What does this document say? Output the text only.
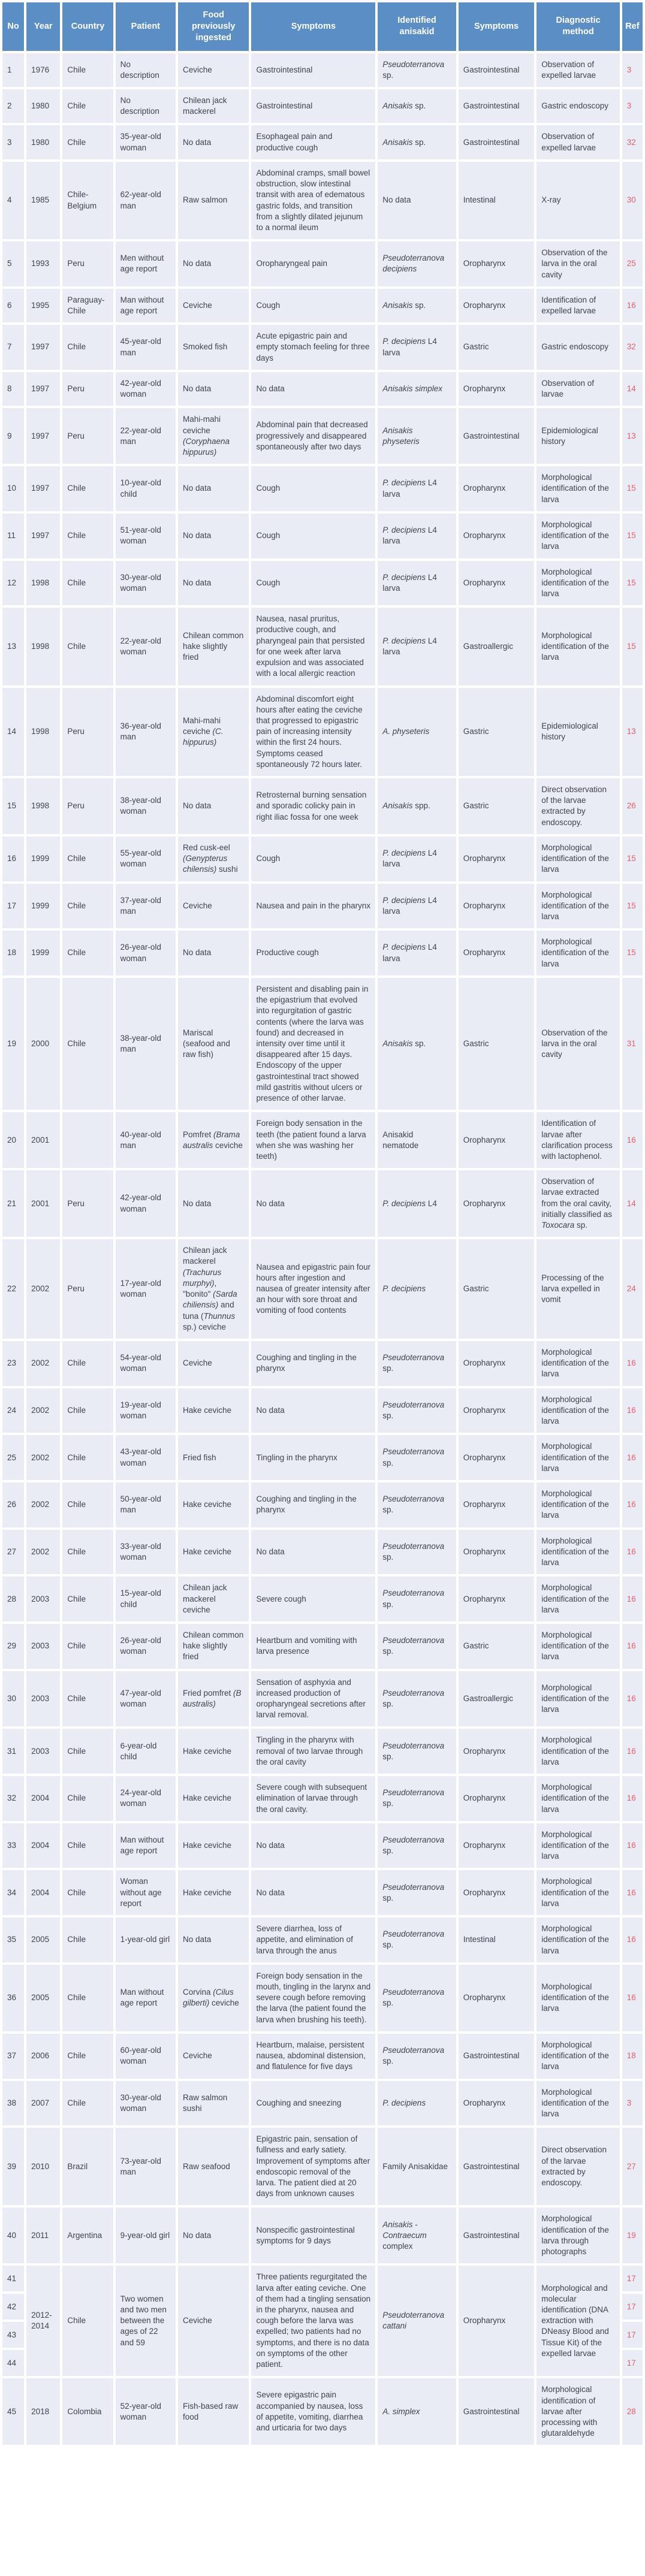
No	Year	Country	Patient	Food previously ingested	Symptoms	Identified anisakid	Symptoms	Diagnostic method	Ref
1	1976	Chile	No description	Ceviche	Gastrointestinal	Pseudoterranova sp.	Gastrointestinal	Observation of expelled larvae	3
2	1980	Chile	No description	Chilean jack mackerel	Gastrointestinal	Anisakis sp.	Gastrointestinal	Gastric endoscopy	3
3	1980	Chile	35-year-old woman	No data	Esophageal pain and productive cough	Anisakis sp.	Gastrointestinal	Observation of expelled larvae	32
4	1985	Chile-Belgium	62-year-old man	Raw salmon	Abdominal cramps, small bowel obstruction, slow intestinal transit with area of edematous gastric folds, and transition from a slightly dilated jejunum to a normal ileum	No data	Intestinal	X-ray	30
5	1993	Peru	Men without age report	No data	Oropharyngeal pain	Pseudoterranova decipiens	Oropharynx	Observation of the larva in the oral cavity	25
6	1995	Paraguay-Chile	Man without age report	Ceviche	Cough	Anisakis sp.	Oropharynx	Identification of expelled larvae	16
7	1997	Chile	45-year-old man	Smoked fish	Acute epigastric pain and empty stomach feeling for three days	P. decipiens L4 larva	Gastric	Gastric endoscopy	32
8	1997	Peru	42-year-old woman	No data	No data	Anisakis simplex	Oropharynx	Observation of larvae	14
9	1997	Peru	22-year-old man	Mahi-mahi ceviche (Coryphaena hippurus)	Abdominal pain that decreased progressively and disappeared spontaneously after two days	Anisakis physeteris	Gastrointestinal	Epidemiological history	13
10	1997	Chile	10-year-old child	No data	Cough	P. decipiens L4 larva	Oropharynx	Morphological identification of the larva	15
11	1997	Chile	51-year-old woman	No data	Cough	P. decipiens L4 larva	Oropharynx	Morphological identification of the larva	15
12	1998	Chile	30-year-old woman	No data	Cough	P. decipiens L4 larva	Oropharynx	Morphological identification of the larva	15
13	1998	Chile	22-year-old woman	Chilean common hake slightly fried	Nausea, nasal pruritus, productive cough, and pharyngeal pain that persisted for one week after larva expulsion and was associated with a local allergic reaction	P. decipiens L4 larva	Gastroallergic	Morphological identification of the larva	15
14	1998	Peru	36-year-old man	Mahi-mahi ceviche (C. hippurus)	Abdominal discomfort eight hours after eating the ceviche that progressed to epigastric pain of increasing intensity within the first 24 hours. Symptoms ceased spontaneously 72 hours later.	A. physeteris	Gastric	Epidemiological history	13
15	1998	Peru	38-year-old woman	No data	Retrosternal burning sensation and sporadic colicky pain in right iliac fossa for one week	Anisakis spp.	Gastric	Direct observation of the larvae extracted by endoscopy.	26
16	1999	Chile	55-year-old woman	Red cusk-eel (Genypterus chilensis) sushi	Cough	P. decipiens L4 larva	Oropharynx	Morphological identification of the larva	15
17	1999	Chile	37-year-old man	Ceviche	Nausea and pain in the pharynx	P. decipiens L4 larva	Oropharynx	Morphological identification of the larva	15
18	1999	Chile	26-year-old woman	No data	Productive cough	P. decipiens L4 larva	Oropharynx	Morphological identification of the larva	15
19	2000	Chile	38-year-old man	Mariscal (seafood and raw fish)	Persistent and disabling pain in the epigastrium that evolved into regurgitation of gastric contents (where the larva was found) and decreased in intensity over time until it disappeared after 15 days. Endoscopy of the upper gastrointestinal tract showed mild gastritis without ulcers or presence of other larvae.	Anisakis sp.	Gastric	Observation of the larva in the oral cavity	31
20	2001		40-year-old man	Pomfret (Brama australis ceviche	Foreign body sensation in the teeth (the patient found a larva when she was washing her teeth)	Anisakid nematode	Oropharynx	Identification of larvae after clarification process with lactophenol.	16
21	2001	Peru	42-year-old woman	No data	No data	P. decipiens L4	Oropharynx	Observation of larvae extracted from the oral cavity, initially classified as Toxocara sp.	14
22	2002	Peru	17-year-old woman	Chilean jack mackerel (Trachurus murphyi), "bonito" (Sarda chiliensis) and tuna (Thunnus sp.) ceviche	Nausea and epigastric pain four hours after ingestion and nausea of greater intensity after an hour with sore throat and vomiting of food contents	P. decipiens	Gastric	Processing of the larva expelled in vomit	24
23	2002	Chile	54-year-old woman	Ceviche	Coughing and tingling in the pharynx	Pseudoterranova sp.	Oropharynx	Morphological identification of the larva	16
24	2002	Chile	19-year-old woman	Hake ceviche	No data	Pseudoterranova sp.	Oropharynx	Morphological identification of the larva	16
25	2002	Chile	43-year-old woman	Fried fish	Tingling in the pharynx	Pseudoterranova sp.	Oropharynx	Morphological identification of the larva	16
26	2002	Chile	50-year-old man	Hake ceviche	Coughing and tingling in the pharynx	Pseudoterranova sp.	Oropharynx	Morphological identification of the larva	16
27	2002	Chile	33-year-old woman	Hake ceviche	No data	Pseudoterranova sp.	Oropharynx	Morphological identification of the larva	16
28	2003	Chile	15-year-old child	Chilean jack mackerel ceviche	Severe cough	Pseudoterranova sp.	Oropharynx	Morphological identification of the larva	16
29	2003	Chile	26-year-old woman	Chilean common hake slightly fried	Heartburn and vomiting with larva presence	Pseudoterranova sp.	Gastric	Morphological identification of the larva	16
30	2003	Chile	47-year-old woman	Fried pomfret (B australis)	Sensation of asphyxia and increased production of oropharyngeal secretions after larval removal.	Pseudoterranova sp.	Gastroallergic	Morphological identification of the larva	16
31	2003	Chile	6-year-old child	Hake ceviche	Tingling in the pharynx with removal of two larvae through the oral cavity	Pseudoterranova sp.	Oropharynx	Morphological identification of the larva	16
32	2004	Chile	24-year-old woman	Hake ceviche	Severe cough with subsequent elimination of larvae through the oral cavity.	Pseudoterranova sp.	Oropharynx	Morphological identification of the larva	16
33	2004	Chile	Man without age report	Hake ceviche	No data	Pseudoterranova sp.	Oropharynx	Morphological identification of the larva	16
34	2004	Chile	Woman without age report	Hake ceviche	No data	Pseudoterranova sp.	Oropharynx	Morphological identification of the larva	16
35	2005	Chile	1-year-old girl	No data	Severe diarrhea, loss of appetite, and elimination of larva through the anus	Pseudoterranova sp.	Intestinal	Morphological identification of the larva	16
36	2005	Chile	Man without age report	Corvina (Cilus gilberti) ceviche	Foreign body sensation in the mouth, tingling in the larynx and severe cough before removing the larva (the patient found the larva when brushing his teeth).	Pseudoterranova sp.	Oropharynx	Morphological identification of the larva	16
37	2006	Chile	60-year-old woman	Ceviche	Heartburn, malaise, persistent nausea, abdominal distension, and flatulence for five days	Pseudoterranova sp.	Gastrointestinal	Morphological identification of the larva	18
38	2007	Chile	30-year-old woman	Raw salmon sushi	Coughing and sneezing	P. decipiens	Oropharynx	Morphological identification of the larva	3
39	2010	Brazil	73-year-old man	Raw seafood	Epigastric pain, sensation of fullness and early satiety. Improvement of symptoms after endoscopic removal of the larva. The patient died at 20 days from unknown causes	Family Anisakidae	Gastrointestinal	Direct observation of the larvae extracted by endoscopy.	27
40	2011	Argentina	9-year-old girl	No data	Nonspecific gastrointestinal symptoms for 9 days	Anisakis - Contraecum complex	Gastrointestinal	Morphological identification of the larva through photographs	19
41	2012-2014	Chile	Two women and two men between the ages of 22 and 59	Ceviche	Three patients regurgitated the larva after eating ceviche. One of them had a tingling sensation in the pharynx, nausea and cough before the larva was expelled; two patients had no symptoms, and there is no data on symptoms of the other patient.	Pseudoterranova cattani	Oropharynx	Morphological and molecular identification (DNA extraction with DNeasy Blood and Tissue Kit) of the expelled larvae	17
42									17
43									17
44									17
45	2018	Colombia	52-year-old woman	Fish-based raw food	Severe epigastric pain accompanied by nausea, loss of appetite, vomiting, diarrhea and urticaria for two days	A. simplex	Gastrointestinal	Morphological identification of larvae after processing with glutaraldehyde	28
